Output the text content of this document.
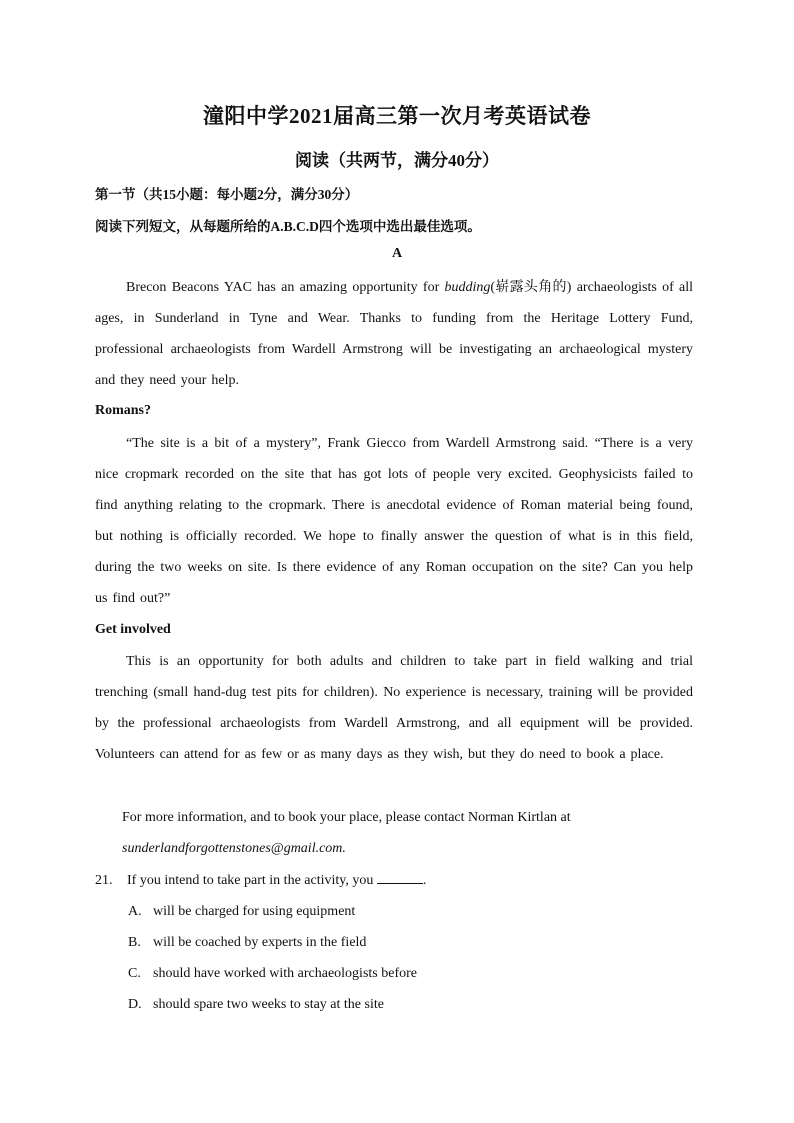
潼阳中学2021届高三第一次月考英语试卷
阅读（共两节，满分40分）
第一节（共15小题：每小题2分，满分30分）
阅读下列短文，从每题所给的A.B.C.D四个选项中选出最佳选项。
A

Brecon Beacons YAC has an amazing opportunity for budding(崭露头角的) archaeologists of all ages, in Sunderland in Tyne and Wear. Thanks to funding from the Heritage Lottery Fund, professional archaeologists from Wardell Armstrong will be investigating an archaeological mystery and they need your help.

Romans?

“The site is a bit of a mystery”, Frank Giecco from Wardell Armstrong said. “There is a very nice cropmark recorded on the site that has got lots of people very excited. Geophysicists failed to find anything relating to the cropmark. There is anecdotal evidence of Roman material being found, but nothing is officially recorded. We hope to finally answer the question of what is in this field, during the two weeks on site. Is there evidence of any Roman occupation on the site? Can you help us find out?”

Get involved

This is an opportunity for both adults and children to take part in field walking and trial trenching (small hand-dug test pits for children). No experience is necessary, training will be provided by the professional archaeologists from Wardell Armstrong, and all equipment will be provided. Volunteers can attend for as few or as many days as they wish, but they do need to book a place.

For more information, and to book your place, please contact Norman Kirtlan at
sunderlandforgottenstones@gmail.com.
21. If you intend to take part in the activity, you	.
A. will be charged for using equipment
B. will be coached by experts in the field
C. should have worked with archaeologists before
D. should spare two weeks to stay at the site
